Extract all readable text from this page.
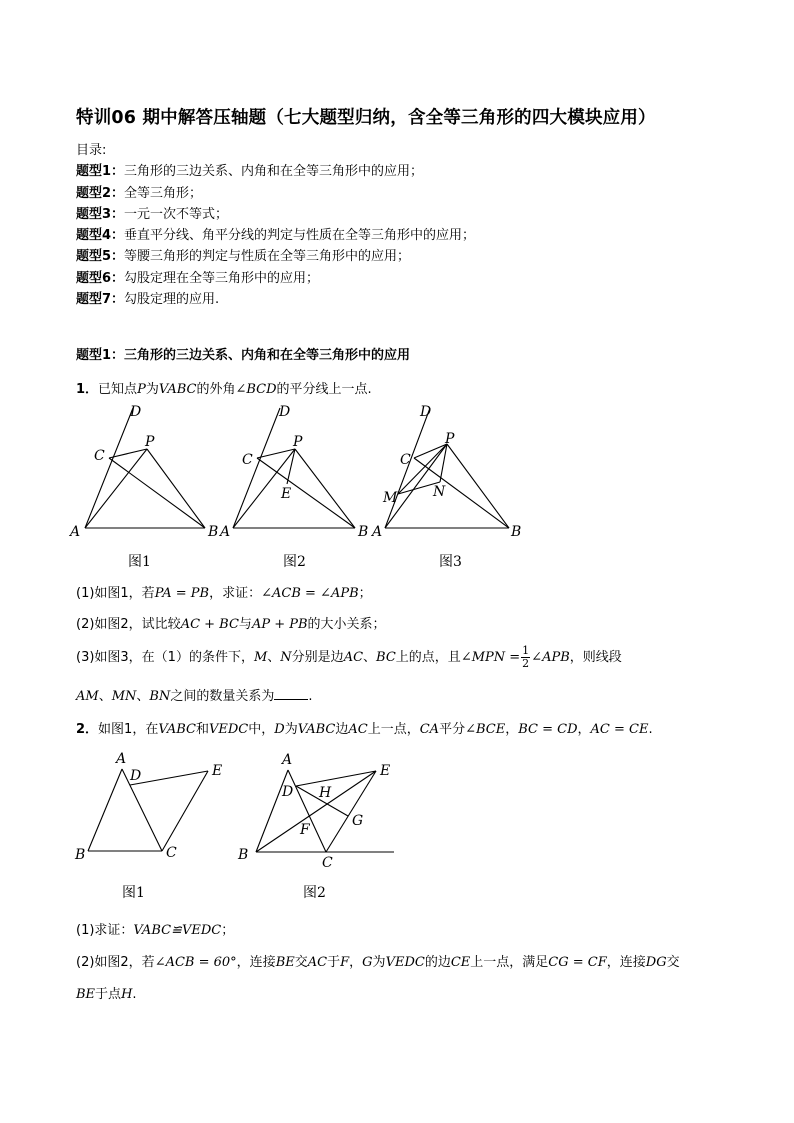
特训06 期中解答压轴题（七大题型归纳，含全等三角形的四大模块应用）
目录:
题型1：三角形的三边关系、内角和在全等三角形中的应用；
题型2：全等三角形；
题型3：一元一次不等式；
题型4：垂直平分线、角平分线的判定与性质在全等三角形中的应用；
题型5：等腰三角形的判定与性质在全等三角形中的应用；
题型6：勾股定理在全等三角形中的应用；
题型7：勾股定理的应用.
题型1：三角形的三边关系、内角和在全等三角形中的应用
1．已知点P为VABC的外角∠BCD的平分线上一点.
A	B
C
D
P
图1
A	B
C
D
P
E
图2
A	B
C
D
P
M	N
图3
(1)如图1，若PA = PB，求证：∠ACB = ∠APB；
(2)如图2，试比较AC + BC与AP + PB的大小关系；
(3)如图3，在（1）的条件下，M、N分别是边AC、BC上的点，且∠MPN = $\frac{1}{2}$ ∠APB，则线段
AM、MN、BN之间的数量关系为	.
2．如图1，在VABC和VEDC中，D为VABC边AC上一点，CA平分∠BCE，BC = CD，AC = CE.
B	C
A
D	E
图1
B	C
A
D
E
F
G
H
图2
(1)求证：VABC≌VEDC；
(2)如图2，若∠ACB = 60°，连接BE交AC于F，G为VEDC的边CE上一点，满足CG = CF，连接DG交
BE于点H.
